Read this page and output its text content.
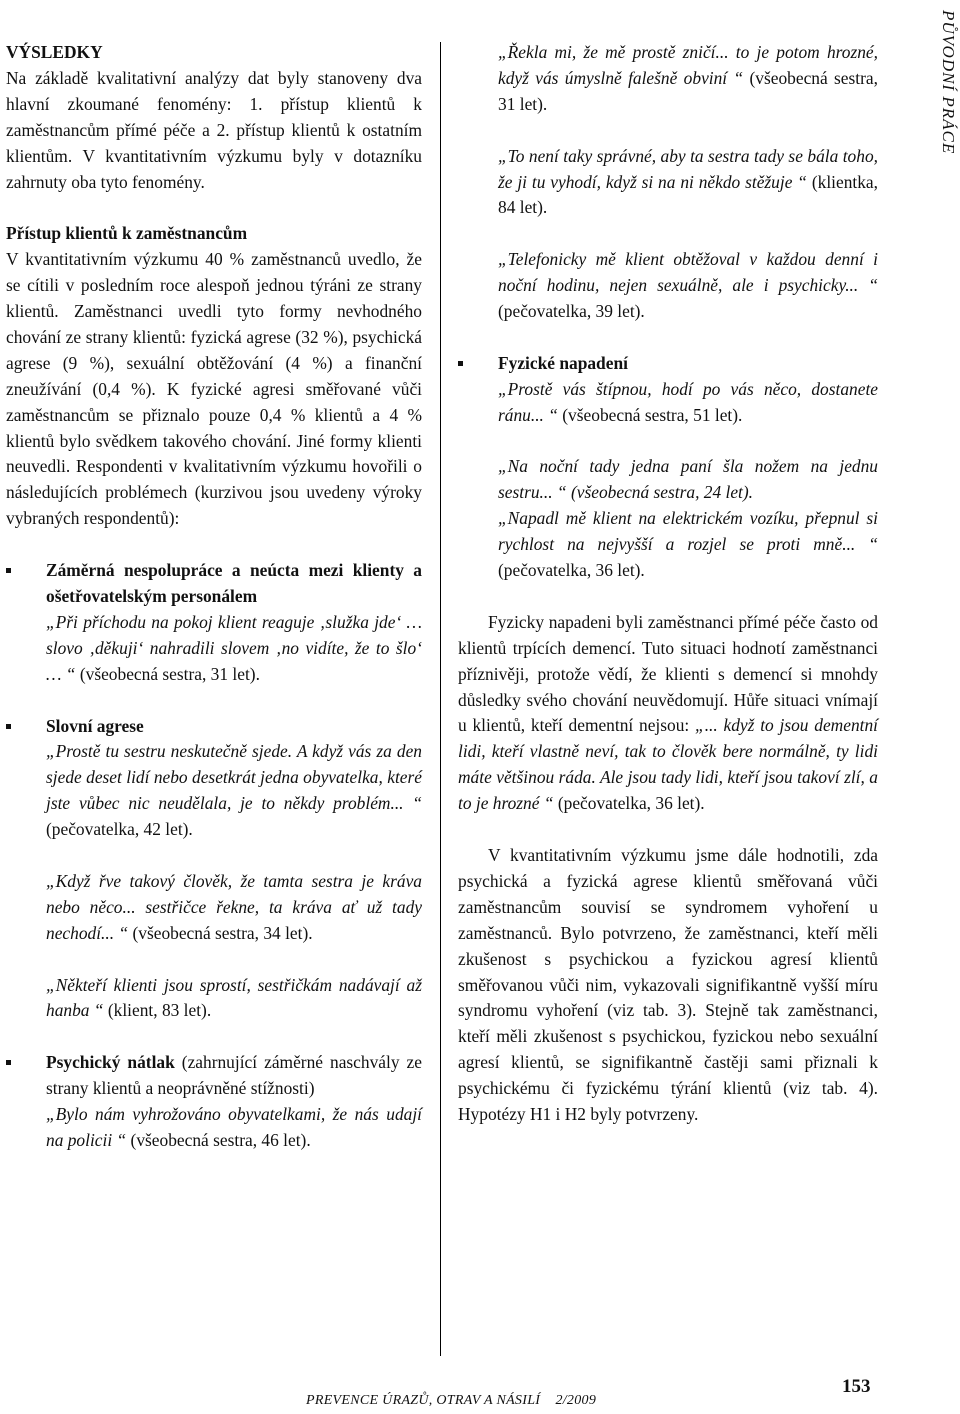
PŮVODNÍ PRÁCE

VÝSLEDKY

Na základě kvalitativní analýzy dat byly stanoveny dva hlavní zkoumané fenomény: 1. přístup klientů k zaměstnancům přímé péče a 2. přístup klientů k ostatním klientům. V kvantitativním výzkumu byly v dotazníku zahrnuty oba tyto fenomény.

Přístup klientů k zaměstnancům

V kvantitativním výzkumu 40 % zaměstnanců uvedlo, že se cítili v posledním roce alespoň jednou týráni ze strany klientů. Zaměstnanci uvedli tyto formy nevhodného chování ze strany klientů: fyzická agrese (32 %), psychická agrese (9 %), sexuální obtěžování (4 %) a finanční zneužívání (0,4 %). K fyzické agresi směřované vůči zaměstnancům se přiznalo pouze 0,4 % klientů a 4 % klientů bylo svědkem takového chování. Jiné formy klienti neuvedli. Respondenti v kvalitativním výzkumu hovořili o následujících problémech (kurzivou jsou uvedeny výroky vybraných respondentů):

Záměrná nespolupráce a neúcta mezi klienty a ošetřovatelským personálem

„Při příchodu na pokoj klient reaguje ‚služka jde‘ … slovo ‚děkuji‘ nahradili slovem ‚no vidíte, že to šlo‘ … “ (všeobecná sestra, 31 let).

Slovní agrese

„Prostě tu sestru neskutečně sjede. A když vás za den sjede deset lidí nebo desetkrát jedna obyvatelka, které jste vůbec nic neudělala, je to někdy problém... “ (pečovatelka, 42 let).

„Když řve takový člověk, že tamta sestra je kráva nebo něco... sestřičce řekne, ta kráva ať už tady nechodí... “ (všeobecná sestra, 34 let).

„Někteří klienti jsou sprostí, sestřičkám nadávají až hanba “ (klient, 83 let).

Psychický nátlak (zahrnující záměrné naschvály ze strany klientů a neoprávněné stížnosti)

„Bylo nám vyhrožováno obyvatelkami, že nás udají na policii “ (všeobecná sestra, 46 let).

„Řekla mi, že mě prostě zničí... to je potom hrozné, když vás úmyslně falešně obviní “ (všeobecná sestra, 31 let).

„To není taky správné, aby ta sestra tady se bála toho, že ji tu vyhodí, když si na ni někdo stěžuje “ (klientka, 84 let).

„Telefonicky mě klient obtěžoval v každou denní i noční hodinu, nejen sexuálně, ale i psychicky... “ (pečovatelka, 39 let).

Fyzické napadení

„Prostě vás štípnou, hodí po vás něco, dostanete ránu... “ (všeobecná sestra, 51 let).

„Na noční tady jedna paní šla nožem na jednu sestru... “ (všeobecná sestra, 24 let).

„Napadl mě klient na elektrickém vozíku, přepnul si rychlost na nejvyšší a rozjel se proti mně... “ (pečovatelka, 36 let).

Fyzicky napadeni byli zaměstnanci přímé péče často od klientů trpících demencí. Tuto situaci hodnotí zaměstnanci příznivěji, protože vědí, že klienti s demencí si mnohdy důsledky svého chování neuvědomují. Hůře situaci vnímají u klientů, kteří dementní nejsou: „... když to jsou dementní lidi, kteří vlastně neví, tak to člověk bere normálně, ty lidi máte většinou ráda. Ale jsou tady lidi, kteří jsou takoví zlí, a to je hrozné “ (pečovatelka, 36 let).

V kvantitativním výzkumu jsme dále hodnotili, zda psychická a fyzická agrese klientů směřovaná vůči zaměstnancům souvisí se syndromem vyhoření u zaměstnanců. Bylo potvrzeno, že zaměstnanci, kteří měli zkušenost s psychickou a fyzickou agresí klientů směřovanou vůči nim, vykazovali signifikantně vyšší míru syndromu vyhoření (viz tab. 3). Stejně tak zaměstnanci, kteří měli zkušenost s psychickou, fyzickou nebo sexuální agresí klientů, se signifikantně častěji sami přiznali k psychickému či fyzickému týrání klientů (viz tab. 4). Hypotézy H1 i H2 byly potvrzeny.

PREVENCE ÚRAZŮ, OTRAV A NÁSILÍ    2/2009
153
